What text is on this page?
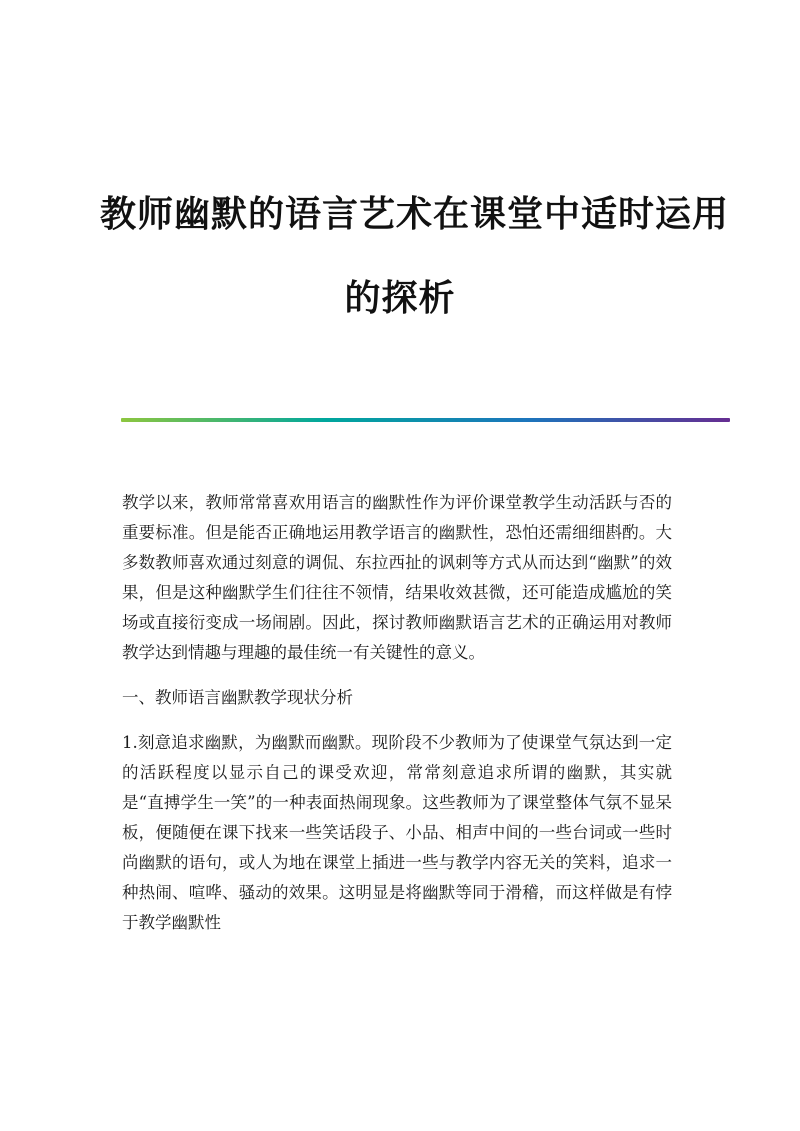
教师幽默的语言艺术在课堂中适时运用
的探析

教学以来，教师常常喜欢用语言的幽默性作为评价课堂教学生动活跃与否的重要标准。但是能否正确地运用教学语言的幽默性，恐怕还需细细斟酌。大多数教师喜欢通过刻意的调侃、东拉西扯的讽刺等方式从而达到“幽默”的效果，但是这种幽默学生们往往不领情，结果收效甚微，还可能造成尴尬的笑场或直接衍变成一场闹剧。因此，探讨教师幽默语言艺术的正确运用对教师教学达到情趣与理趣的最佳统一有关键性的意义。

一、教师语言幽默教学现状分析

1.刻意追求幽默，为幽默而幽默。现阶段不少教师为了使课堂气氛达到一定的活跃程度以显示自己的课受欢迎，常常刻意追求所谓的幽默，其实就是“直搏学生一笑”的一种表面热闹现象。这些教师为了课堂整体气氛不显呆板，便随便在课下找来一些笑话段子、小品、相声中间的一些台词或一些时尚幽默的语句，或人为地在课堂上插进一些与教学内容无关的笑料，追求一种热闹、喧哗、骚动的效果。这明显是将幽默等同于滑稽，而这样做是有悖于教学幽默性
